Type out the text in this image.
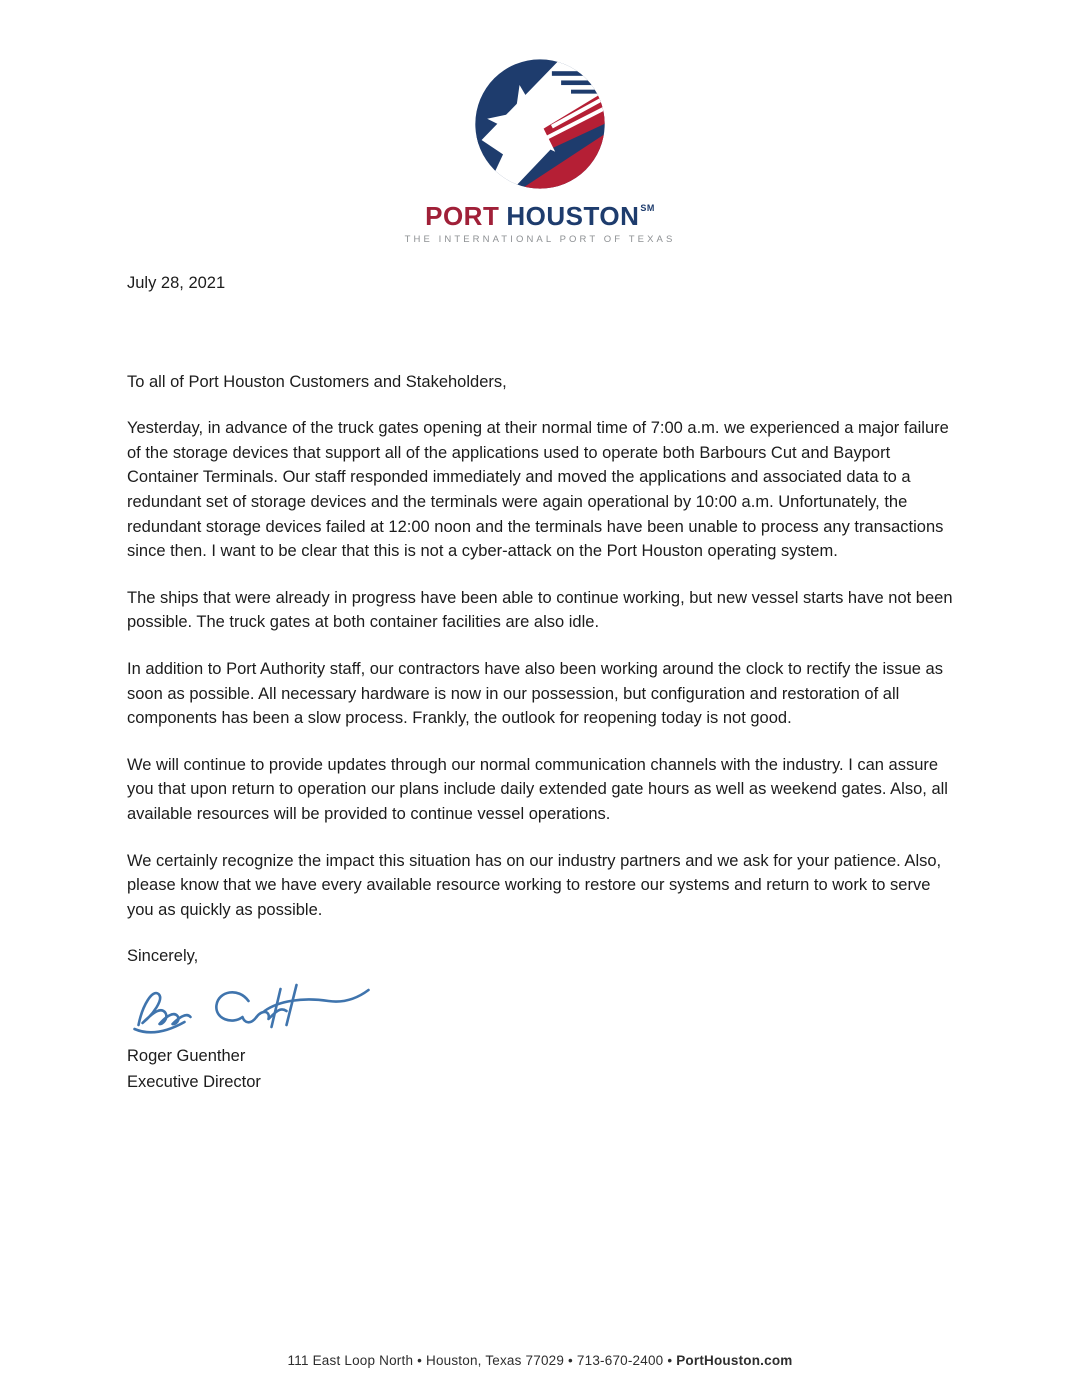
PORT HOUSTON℠
THE INTERNATIONAL PORT OF TEXAS

July 28, 2021

To all of Port Houston Customers and Stakeholders,

Yesterday, in advance of the truck gates opening at their normal time of 7:00 a.m. we experienced a major failure of the storage devices that support all of the applications used to operate both Barbours Cut and Bayport Container Terminals. Our staff responded immediately and moved the applications and associated data to a redundant set of storage devices and the terminals were again operational by 10:00 a.m. Unfortunately, the redundant storage devices failed at 12:00 noon and the terminals have been unable to process any transactions since then. I want to be clear that this is not a cyber-attack on the Port Houston operating system.

The ships that were already in progress have been able to continue working, but new vessel starts have not been possible. The truck gates at both container facilities are also idle.

In addition to Port Authority staff, our contractors have also been working around the clock to rectify the issue as soon as possible. All necessary hardware is now in our possession, but configuration and restoration of all components has been a slow process. Frankly, the outlook for reopening today is not good.

We will continue to provide updates through our normal communication channels with the industry. I can assure you that upon return to operation our plans include daily extended gate hours as well as weekend gates. Also, all available resources will be provided to continue vessel operations.

We certainly recognize the impact this situation has on our industry partners and we ask for your patience. Also, please know that we have every available resource working to restore our systems and return to work to serve you as quickly as possible.

Sincerely,

Roger Guenther

Executive Director

111 East Loop North • Houston, Texas 77029 • 713-670-2400 • PortHouston.com
